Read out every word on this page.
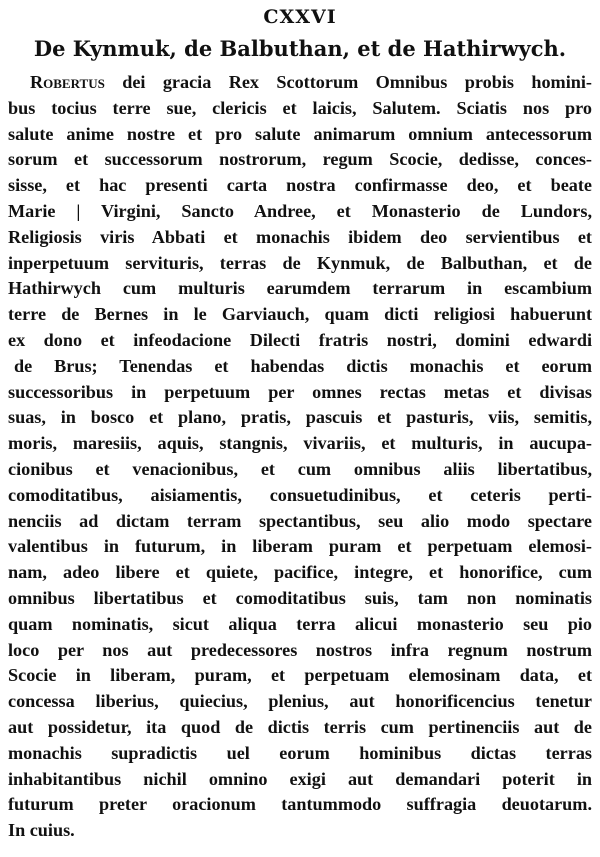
CXXVI
De Kynmuk, de Balbuthan, et de Hathirwych.
Robertus dei gracia Rex Scottorum Omnibus probis homini-
bus tocius terre sue, clericis et laicis, Salutem. Sciatis nos pro
salute anime nostre et pro salute animarum omnium antecessorum
sorum et successorum nostrorum, regum Scocie, dedisse, conces-
sisse, et hac presenti carta nostra confirmasse deo, et beate
Marie | Virgini, Sancto Andree, et Monasterio de Lundors,
Religiosis viris Abbati et monachis ibidem deo servientibus et
inperpetuum servituris, terras de Kynmuk, de Balbuthan, et de
Hathirwych cum multuris earumdem terrarum in escambium
terre de Bernes in le Garviauch, quam dicti religiosi habuerunt
ex dono et infeodacione Dilecti fratris nostri, domini edwardi
de Brus; Tenendas et habendas dictis monachis et eorum
successoribus in perpetuum per omnes rectas metas et divisas
suas, in bosco et plano, pratis, pascuis et pasturis, viis, semitis,
moris, maresiis, aquis, stangnis, vivariis, et multuris, in aucupa-
cionibus et venacionibus, et cum omnibus aliis libertatibus,
comoditatibus, aisiamentis, consuetudinibus, et ceteris perti-
nenciis ad dictam terram spectantibus, seu alio modo spectare
valentibus in futurum, in liberam puram et perpetuam elemosi-
nam, adeo libere et quiete, pacifice, integre, et honorifice, cum
omnibus libertatibus et comoditatibus suis, tam non nominatis
quam nominatis, sicut aliqua terra alicui monasterio seu pio
loco per nos aut predecessores nostros infra regnum nostrum
Scocie in liberam, puram, et perpetuam elemosinam data, et
concessa liberius, quiecius, plenius, aut honorificencius tenetur
aut possidetur, ita quod de dictis terris cum pertinenciis aut de
monachis supradictis uel eorum hominibus dictas terras
inhabitantibus nichil omnino exigi aut demandari poterit in
futurum preter oracionum tantummodo suffragia deuotarum.
In cuius.
